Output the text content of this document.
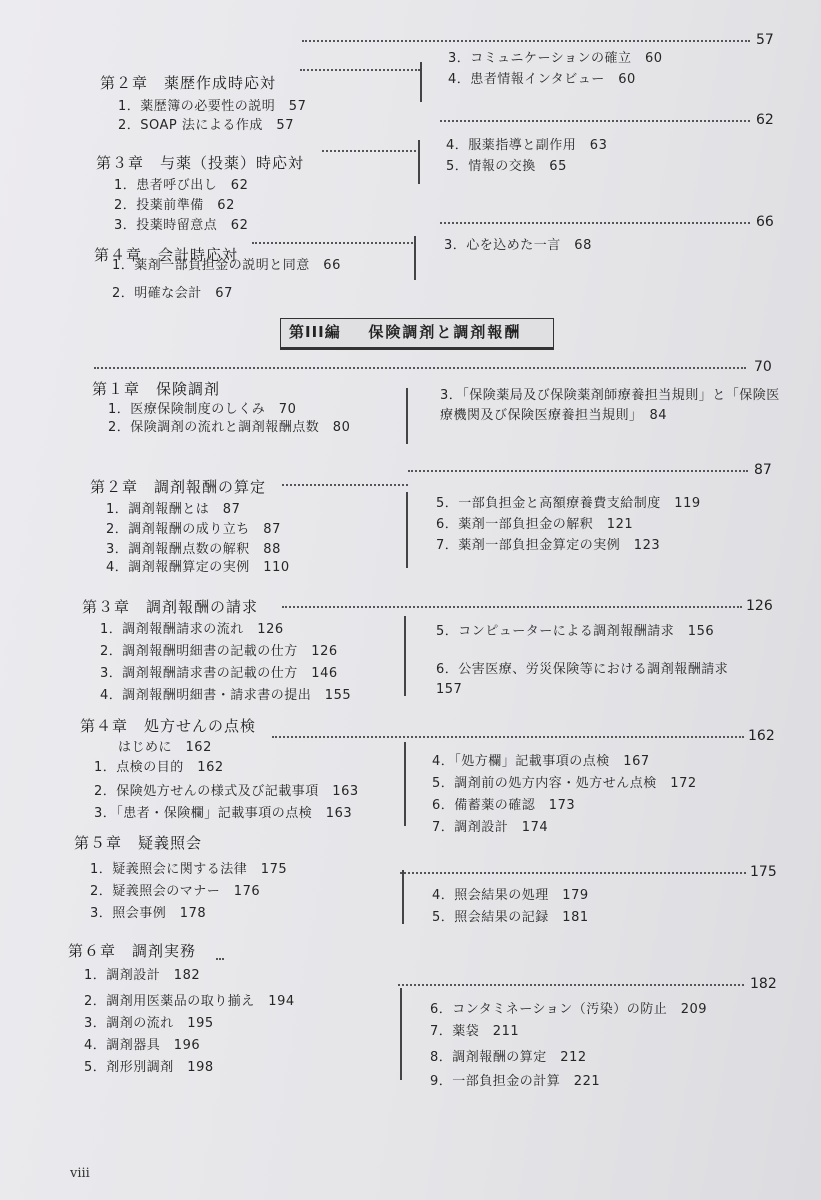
第２章　薬歴作成時応対
57
1．薬歴簿の必要性の説明　 57
2．SOAP 法による作成　 57
3．コミュニケーションの確立　 60
4．患者情報インタビュー　 60
62
第３章　与薬（投薬）時応対
1．患者呼び出し　 62
2．投薬前準備　 62
3．投薬時留意点　 62
4．服薬指導と副作用　 63
5．情報の交換　 65
66
第４章　会計時応対
1．薬剤一部負担金の説明と同意　 66
2．明確な会計　 67
3．心を込めた一言　 68
第III編 保険調剤と調剤報酬
70
第１章　保険調剤
1．医療保険制度のしくみ　 70
2．保険調剤の流れと調剤報酬点数　 80
3．「保険薬局及び保険薬剤師療養担当規則」と「保険医療機関及び保険医療養担当規則」　 84
87
第２章　調剤報酬の算定
1．調剤報酬とは　 87
2．調剤報酬の成り立ち　 87
3．調剤報酬点数の解釈　 88
4．調剤報酬算定の実例　 110
5．一部負担金と高額療養費支給制度　 119
6．薬剤一部負担金の解釈　 121
7．薬剤一部負担金算定の実例　 123
第３章　調剤報酬の請求	126
1．調剤報酬請求の流れ　 126
2．調剤報酬明細書の記載の仕方　 126
3．調剤報酬請求書の記載の仕方　 146
4．調剤報酬明細書・請求書の提出　 155
5．コンピューターによる調剤報酬請求　 156
6．公害医療、労災保険等における調剤報酬請求　157
第４章　処方せんの点検
162
はじめに　 162
1．点検の目的　 162
2．保険処方せんの様式及び記載事項　 163
3．「患者・保険欄」記載事項の点検　 163
4．「処方欄」記載事項の点検　 167
5．調剤前の処方内容・処方せん点検　 172
6．備蓄薬の確認　 173
7．調剤設計　 174
第５章　疑義照会
175
1．疑義照会に関する法律　 175
2．疑義照会のマナー　 176
3．照会事例　 178
4．照会結果の処理　 179
5．照会結果の記録　 181
第６章　調剤実務
182
1．調剤設計　 182
2．調剤用医薬品の取り揃え　 194
3．調剤の流れ　 195
4．調剤器具　 196
5．剤形別調剤　 198
6．コンタミネーション（汚染）の防止　 209
7．薬袋　 211
8．調剤報酬の算定　 212
9．一部負担金の計算　 221
viii
